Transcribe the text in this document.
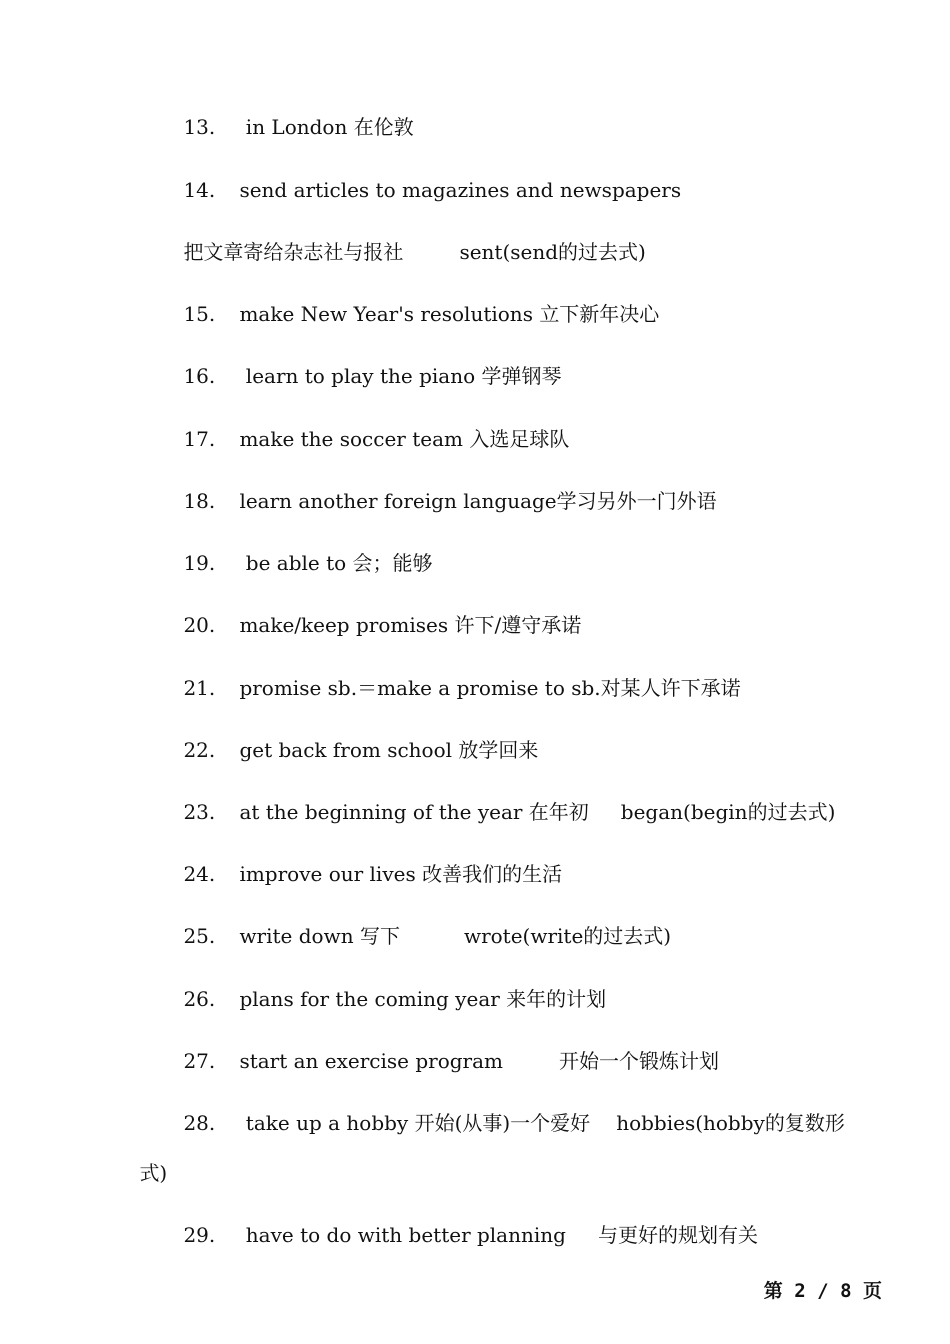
13. in London 在伦敦

14. send articles to magazines and newspapers

把文章寄给杂志社与报社	sent(send的过去式)

15. make New Year's resolutions 立下新年决心

16. learn to play the piano 学弹钢琴

17. make the soccer team 入选足球队

18. learn another foreign language学习另外一门外语

19. be able to 会；能够

20. make/keep promises 许下/遵守承诺

21. promise sb.＝make a promise to sb.对某人许下承诺

22. get back from school 放学回来

23. at the beginning of the year 在年初 began(begin的过去式)

24. improve our lives 改善我们的生活

25. write down 写下	wrote(write的过去式)

26. plans for the coming year 来年的计划

27. start an exercise program	开始一个锻炼计划

28. take up a hobby 开始(从事)一个爱好 hobbies(hobby的复数形

式)

29. have to do with better planning 与更好的规划有关

第 2 / 8 页
